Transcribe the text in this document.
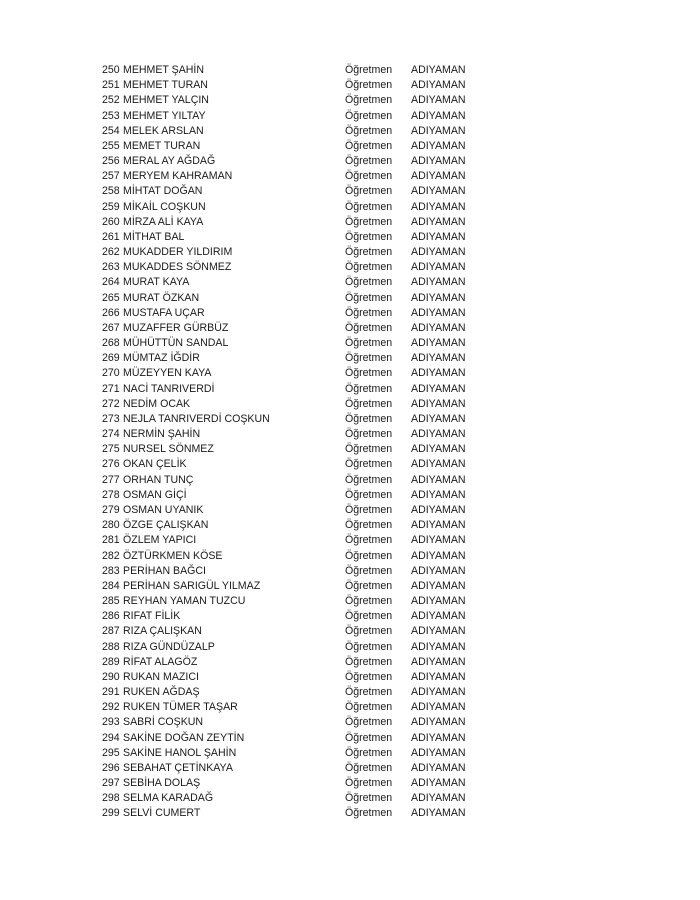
250 MEHMET ŞAHİN	Öğretmen ADIYAMAN
251 MEHMET TURAN	Öğretmen ADIYAMAN
252 MEHMET YALÇIN	Öğretmen ADIYAMAN
253 MEHMET YILTAY	Öğretmen ADIYAMAN
254 MELEK ARSLAN	Öğretmen ADIYAMAN
255 MEMET TURAN	Öğretmen ADIYAMAN
256 MERAL AY AĞDAĞ	Öğretmen ADIYAMAN
257 MERYEM KAHRAMAN	Öğretmen ADIYAMAN
258 MİHTAT DOĞAN	Öğretmen ADIYAMAN
259 MİKAİL COŞKUN	Öğretmen ADIYAMAN
260 MİRZA ALİ KAYA	Öğretmen ADIYAMAN
261 MİTHAT BAL	Öğretmen ADIYAMAN
262 MUKADDER YILDIRIM	Öğretmen ADIYAMAN
263 MUKADDES SÖNMEZ	Öğretmen ADIYAMAN
264 MURAT KAYA	Öğretmen ADIYAMAN
265 MURAT ÖZKAN	Öğretmen ADIYAMAN
266 MUSTAFA UÇAR	Öğretmen ADIYAMAN
267 MUZAFFER GÜRBÜZ	Öğretmen ADIYAMAN
268 MÜHÜTTÜN SANDAL	Öğretmen ADIYAMAN
269 MÜMTAZ İĞDİR	Öğretmen ADIYAMAN
270 MÜZEYYEN KAYA	Öğretmen ADIYAMAN
271 NACİ TANRIVERDİ	Öğretmen ADIYAMAN
272 NEDİM OCAK	Öğretmen ADIYAMAN
273 NEJLA TANRIVERDİ COŞKUN	Öğretmen ADIYAMAN
274 NERMİN ŞAHİN	Öğretmen ADIYAMAN
275 NURSEL SÖNMEZ	Öğretmen ADIYAMAN
276 OKAN ÇELİK	Öğretmen ADIYAMAN
277 ORHAN TUNÇ	Öğretmen ADIYAMAN
278 OSMAN GİÇİ	Öğretmen ADIYAMAN
279 OSMAN UYANIK	Öğretmen ADIYAMAN
280 ÖZGE ÇALIŞKAN	Öğretmen ADIYAMAN
281 ÖZLEM YAPICI	Öğretmen ADIYAMAN
282 ÖZTÜRKMEN KÖSE	Öğretmen ADIYAMAN
283 PERİHAN BAĞCI	Öğretmen ADIYAMAN
284 PERİHAN SARIGÜL YILMAZ	Öğretmen ADIYAMAN
285 REYHAN YAMAN TUZCU	Öğretmen ADIYAMAN
286 RIFAT FİLİK	Öğretmen ADIYAMAN
287 RIZA ÇALIŞKAN	Öğretmen ADIYAMAN
288 RIZA GÜNDÜZALP	Öğretmen ADIYAMAN
289 RİFAT ALAGÖZ	Öğretmen ADIYAMAN
290 RUKAN MAZICI	Öğretmen ADIYAMAN
291 RUKEN AĞDAŞ	Öğretmen ADIYAMAN
292 RUKEN TÜMER TAŞAR	Öğretmen ADIYAMAN
293 SABRİ COŞKUN	Öğretmen ADIYAMAN
294 SAKİNE DOĞAN ZEYTİN	Öğretmen ADIYAMAN
295 SAKİNE HANOL ŞAHİN	Öğretmen ADIYAMAN
296 SEBAHAT ÇETİNKAYA	Öğretmen ADIYAMAN
297 SEBİHA DOLAŞ	Öğretmen ADIYAMAN
298 SELMA KARADAĞ	Öğretmen ADIYAMAN
299 SELVİ CUMERT	Öğretmen ADIYAMAN
